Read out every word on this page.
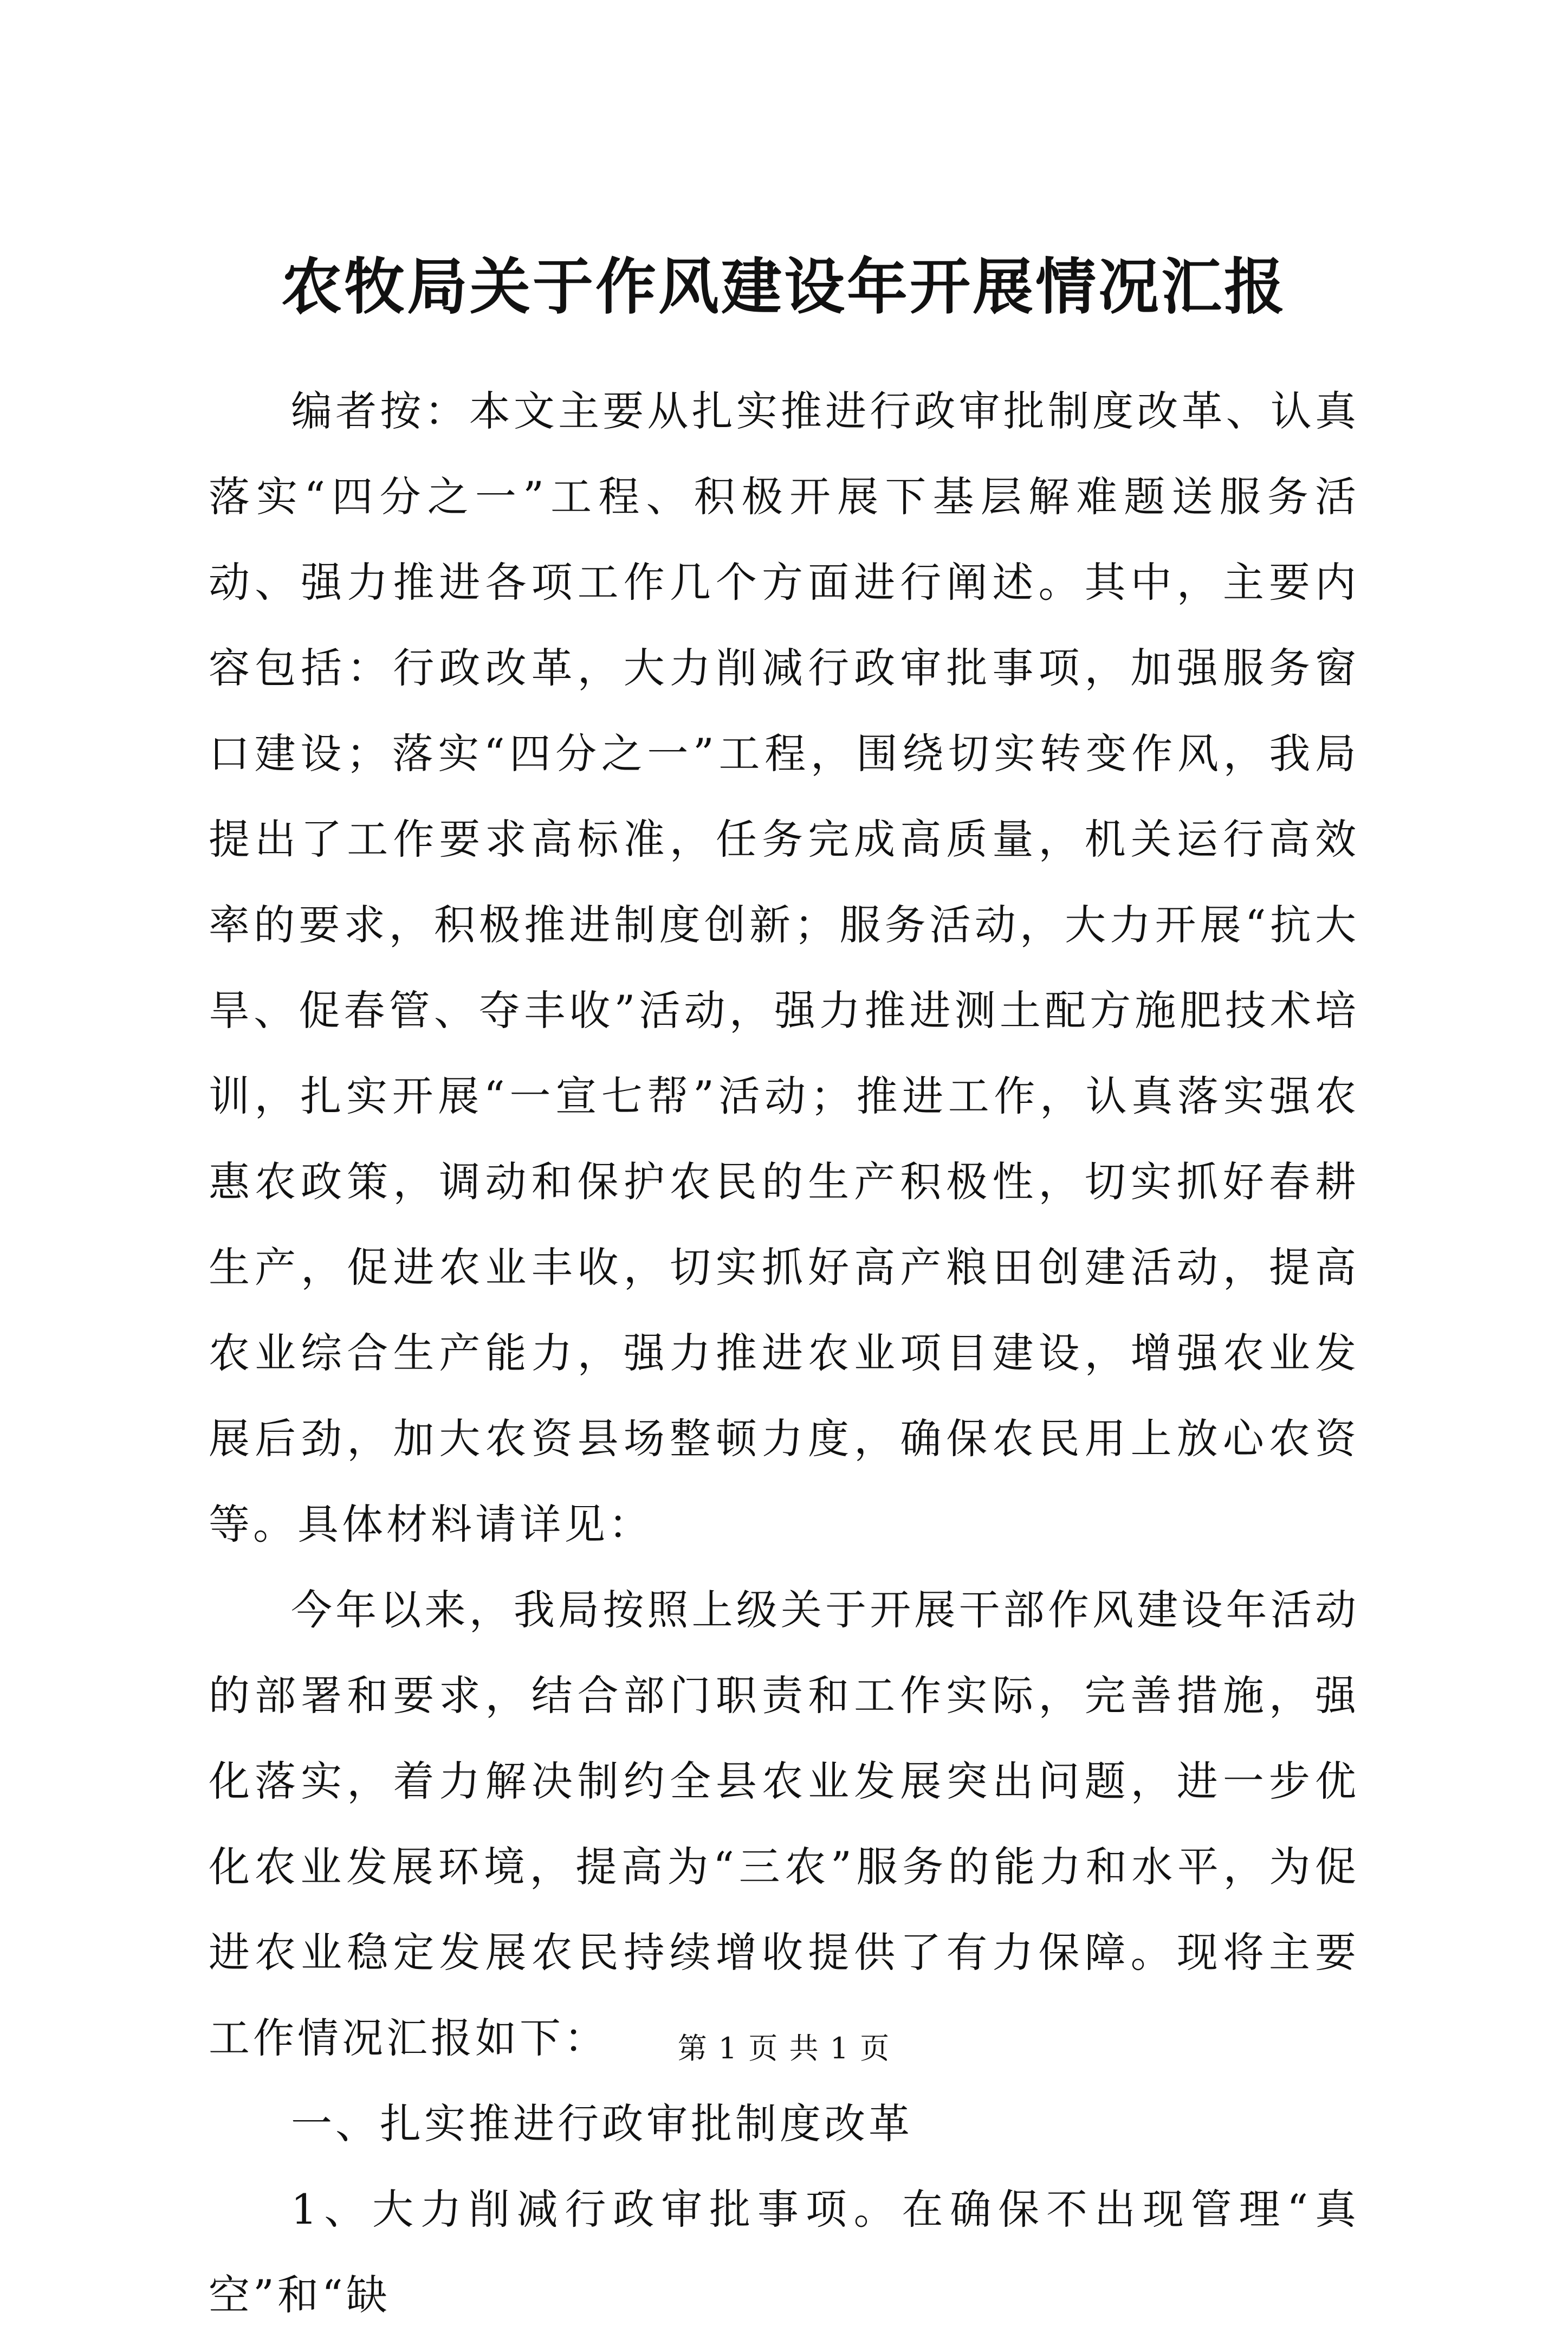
农牧局关于作风建设年开展情况汇报

编者按：本文主要从扎实推进行政审批制度改革、认真落实“四分之一”工程、积极开展下基层解难题送服务活动、强力推进各项工作几个方面进行阐述。其中，主要内容包括：行政改革，大力削减行政审批事项，加强服务窗口建设；落实“四分之一”工程，围绕切实转变作风，我局提出了工作要求高标准，任务完成高质量，机关运行高效率的要求，积极推进制度创新；服务活动，大力开展“抗大旱、促春管、夺丰收”活动，强力推进测土配方施肥技术培训，扎实开展“一宣七帮”活动；推进工作，认真落实强农惠农政策，调动和保护农民的生产积极性，切实抓好春耕生产，促进农业丰收，切实抓好高产粮田创建活动，提高农业综合生产能力，强力推进农业项目建设，增强农业发展后劲，加大农资县场整顿力度，确保农民用上放心农资等。具体材料请详见：

今年以来，我局按照上级关于开展干部作风建设年活动的部署和要求，结合部门职责和工作实际，完善措施，强化落实，着力解决制约全县农业发展突出问题，进一步优化农业发展环境，提高为“三农”服务的能力和水平，为促进农业稳定发展农民持续增收提供了有力保障。现将主要工作情况汇报如下：

一、扎实推进行政审批制度改革

1、大力削减行政审批事项。在确保不出现管理“真空”和“缺

第 1 页 共 1 页
